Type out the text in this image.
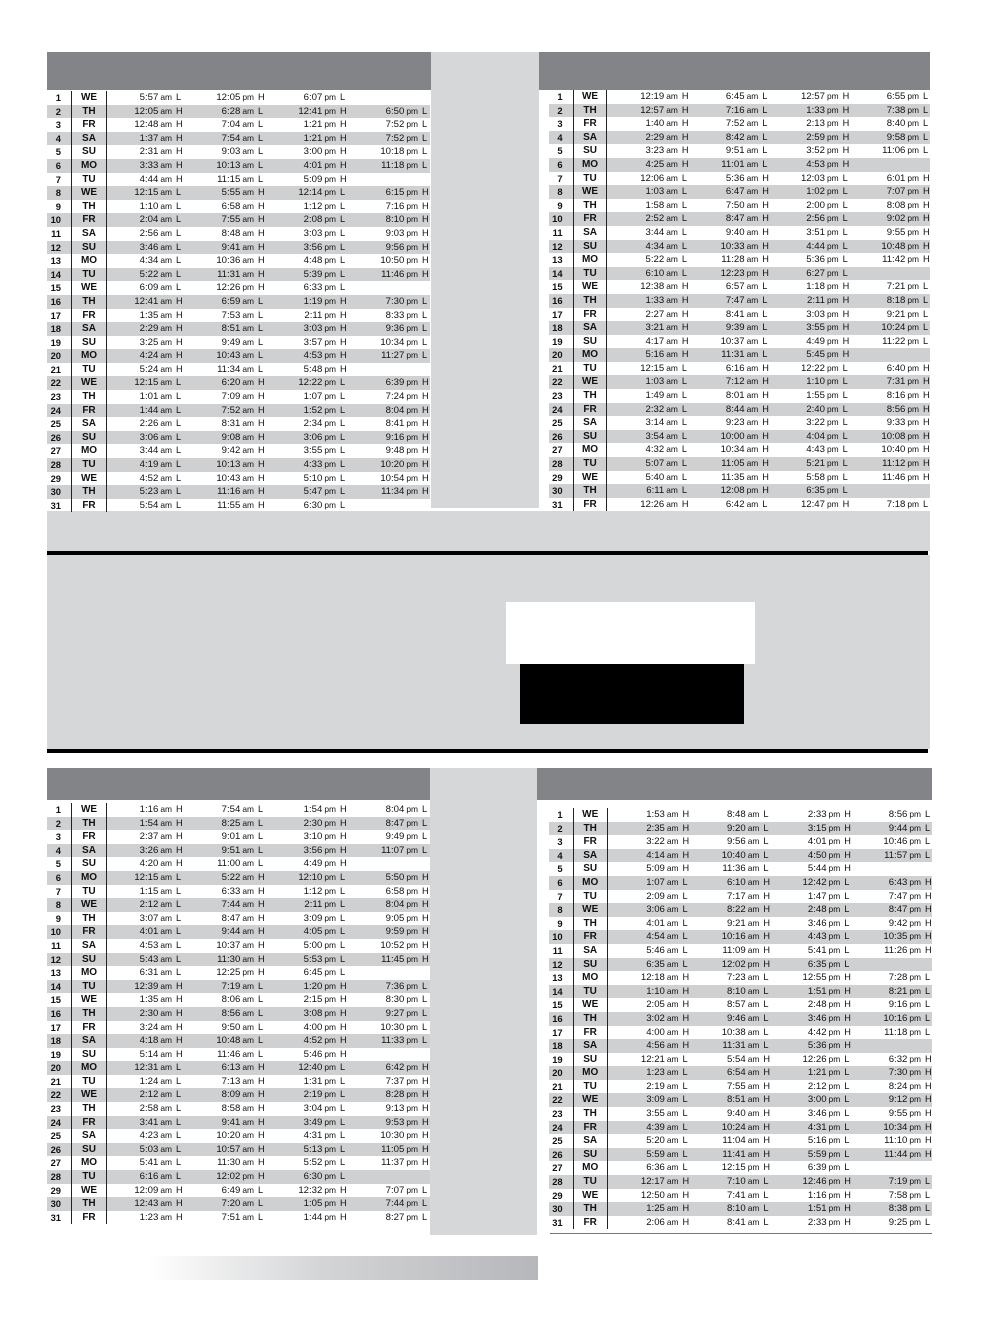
1	WE	5:57 am L	12:05 pm H	6:07 pm L
2	TH	12:05 am H	6:28 am L	12:41 pm H	6:50 pm L
3	FR	12:48 am H	7:04 am L	1:21 pm H	7:52 pm L
4	SA	1:37 am H	7:54 am L	1:21 pm H	7:52 pm L
5	SU	2:31 am H	9:03 am L	3:00 pm H	10:18 pm L
6	MO	3:33 am H	10:13 am L	4:01 pm H	11:18 pm L
7	TU	4:44 am H	11:15 am L	5:09 pm H
8	WE	12:15 am L	5:55 am H	12:14 pm L	6:15 pm H
9	TH	1:10 am L	6:58 am H	1:12 pm L	7:16 pm H
10	FR	2:04 am L	7:55 am H	2:08 pm L	8:10 pm H
11	SA	2:56 am L	8:48 am H	3:03 pm L	9:03 pm H
12	SU	3:46 am L	9:41 am H	3:56 pm L	9:56 pm H
13	MO	4:34 am L	10:36 am H	4:48 pm L	10:50 pm H
14	TU	5:22 am L	11:31 am H	5:39 pm L	11:46 pm H
15	WE	6:09 am L	12:26 pm H	6:33 pm L
16	TH	12:41 am H	6:59 am L	1:19 pm H	7:30 pm L
17	FR	1:35 am H	7:53 am L	2:11 pm H	8:33 pm L
18	SA	2:29 am H	8:51 am L	3:03 pm H	9:36 pm L
19	SU	3:25 am H	9:49 am L	3:57 pm H	10:34 pm L
20	MO	4:24 am H	10:43 am L	4:53 pm H	11:27 pm L
21	TU	5:24 am H	11:34 am L	5:48 pm H
22	WE	12:15 am L	6:20 am H	12:22 pm L	6:39 pm H
23	TH	1:01 am L	7:09 am H	1:07 pm L	7:24 pm H
24	FR	1:44 am L	7:52 am H	1:52 pm L	8:04 pm H
25	SA	2:26 am L	8:31 am H	2:34 pm L	8:41 pm H
26	SU	3:06 am L	9:08 am H	3:06 pm L	9:16 pm H
27	MO	3:44 am L	9:42 am H	3:55 pm L	9:48 pm H
28	TU	4:19 am L	10:13 am H	4:33 pm L	10:20 pm H
29	WE	4:52 am L	10:43 am H	5:10 pm L	10:54 pm H
30	TH	5:23 am L	11:16 am H	5:47 pm L	11:34 pm H
31	FR	5:54 am L	11:55 am H	6:30 pm L
1	WE	12:19 am H	6:45 am L	12:57 pm H	6:55 pm L
2	TH	12:57 am H	7:16 am L	1:33 pm H	7:38 pm L
3	FR	1:40 am H	7:52 am L	2:13 pm H	8:40 pm L
4	SA	2:29 am H	8:42 am L	2:59 pm H	9:58 pm L
5	SU	3:23 am H	9:51 am L	3:52 pm H	11:06 pm L
6	MO	4:25 am H	11:01 am L	4:53 pm H
7	TU	12:06 am L	5:36 am H	12:03 pm L	6:01 pm H
8	WE	1:03 am L	6:47 am H	1:02 pm L	7:07 pm H
9	TH	1:58 am L	7:50 am H	2:00 pm L	8:08 pm H
10	FR	2:52 am L	8:47 am H	2:56 pm L	9:02 pm H
11	SA	3:44 am L	9:40 am H	3:51 pm L	9:55 pm H
12	SU	4:34 am L	10:33 am H	4:44 pm L	10:48 pm H
13	MO	5:22 am L	11:28 am H	5:36 pm L	11:42 pm H
14	TU	6:10 am L	12:23 pm H	6:27 pm L
15	WE	12:38 am H	6:57 am L	1:18 pm H	7:21 pm L
16	TH	1:33 am H	7:47 am L	2:11 pm H	8:18 pm L
17	FR	2:27 am H	8:41 am L	3:03 pm H	9:21 pm L
18	SA	3:21 am H	9:39 am L	3:55 pm H	10:24 pm L
19	SU	4:17 am H	10:37 am L	4:49 pm H	11:22 pm L
20	MO	5:16 am H	11:31 am L	5:45 pm H
21	TU	12:15 am L	6:16 am H	12:22 pm L	6:40 pm H
22	WE	1:03 am L	7:12 am H	1:10 pm L	7:31 pm H
23	TH	1:49 am L	8:01 am H	1:55 pm L	8:16 pm H
24	FR	2:32 am L	8:44 am H	2:40 pm L	8:56 pm H
25	SA	3:14 am L	9:23 am H	3:22 pm L	9:33 pm H
26	SU	3:54 am L	10:00 am H	4:04 pm L	10:08 pm H
27	MO	4:32 am L	10:34 am H	4:43 pm L	10:40 pm H
28	TU	5:07 am L	11:05 am H	5:21 pm L	11:12 pm H
29	WE	5:40 am L	11:35 am H	5:58 pm L	11:46 pm H
30	TH	6:11 am L	12:08 pm H	6:35 pm L
31	FR	12:26 am H	6:42 am L	12:47 pm H	7:18 pm L
1	WE	1:16 am H	7:54 am L	1:54 pm H	8:04 pm L
2	TH	1:54 am H	8:25 am L	2:30 pm H	8:47 pm L
3	FR	2:37 am H	9:01 am L	3:10 pm H	9:49 pm L
4	SA	3:26 am H	9:51 am L	3:56 pm H	11:07 pm L
5	SU	4:20 am H	11:00 am L	4:49 pm H
6	MO	12:15 am L	5:22 am H	12:10 pm L	5:50 pm H
7	TU	1:15 am L	6:33 am H	1:12 pm L	6:58 pm H
8	WE	2:12 am L	7:44 am H	2:11 pm L	8:04 pm H
9	TH	3:07 am L	8:47 am H	3:09 pm L	9:05 pm H
10	FR	4:01 am L	9:44 am H	4:05 pm L	9:59 pm H
11	SA	4:53 am L	10:37 am H	5:00 pm L	10:52 pm H
12	SU	5:43 am L	11:30 am H	5:53 pm L	11:45 pm H
13	MO	6:31 am L	12:25 pm H	6:45 pm L
14	TU	12:39 am H	7:19 am L	1:20 pm H	7:36 pm L
15	WE	1:35 am H	8:06 am L	2:15 pm H	8:30 pm L
16	TH	2:30 am H	8:56 am L	3:08 pm H	9:27 pm L
17	FR	3:24 am H	9:50 am L	4:00 pm H	10:30 pm L
18	SA	4:18 am H	10:48 am L	4:52 pm H	11:33 pm L
19	SU	5:14 am H	11:46 am L	5:46 pm H
20	MO	12:31 am L	6:13 am H	12:40 pm L	6:42 pm H
21	TU	1:24 am L	7:13 am H	1:31 pm L	7:37 pm H
22	WE	2:12 am L	8:09 am H	2:19 pm L	8:28 pm H
23	TH	2:58 am L	8:58 am H	3:04 pm L	9:13 pm H
24	FR	3:41 am L	9:41 am H	3:49 pm L	9:53 pm H
25	SA	4:23 am L	10:20 am H	4:31 pm L	10:30 pm H
26	SU	5:03 am L	10:57 am H	5:13 pm L	11:05 pm H
27	MO	5:41 am L	11:30 am H	5:52 pm L	11:37 pm H
28	TU	6:16 am L	12:02 pm H	6:30 pm L
29	WE	12:09 am H	6:49 am L	12:32 pm H	7:07 pm L
30	TH	12:43 am H	7:20 am L	1:05 pm H	7:44 pm L
31	FR	1:23 am H	7:51 am L	1:44 pm H	8:27 pm L
1	WE	1:53 am H	8:48 am L	2:33 pm H	8:56 pm L
2	TH	2:35 am H	9:20 am L	3:15 pm H	9:44 pm L
3	FR	3:22 am H	9:56 am L	4:01 pm H	10:46 pm L
4	SA	4:14 am H	10:40 am L	4:50 pm H	11:57 pm L
5	SU	5:09 am H	11:36 am L	5:44 pm H
6	MO	1:07 am L	6:10 am H	12:42 pm L	6:43 pm H
7	TU	2:09 am L	7:17 am H	1:47 pm L	7:47 pm H
8	WE	3:06 am L	8:22 am H	2:48 pm L	8:47 pm H
9	TH	4:01 am L	9:21 am H	3:46 pm L	9:42 pm H
10	FR	4:54 am L	10:16 am H	4:43 pm L	10:35 pm H
11	SA	5:46 am L	11:09 am H	5:41 pm L	11:26 pm H
12	SU	6:35 am L	12:02 pm H	6:35 pm L
13	MO	12:18 am H	7:23 am L	12:55 pm H	7:28 pm L
14	TU	1:10 am H	8:10 am L	1:51 pm H	8:21 pm L
15	WE	2:05 am H	8:57 am L	2:48 pm H	9:16 pm L
16	TH	3:02 am H	9:46 am L	3:46 pm H	10:16 pm L
17	FR	4:00 am H	10:38 am L	4:42 pm H	11:18 pm L
18	SA	4:56 am H	11:31 am L	5:36 pm H
19	SU	12:21 am L	5:54 am H	12:26 pm L	6:32 pm H
20	MO	1:23 am L	6:54 am H	1:21 pm L	7:30 pm H
21	TU	2:19 am L	7:55 am H	2:12 pm L	8:24 pm H
22	WE	3:09 am L	8:51 am H	3:00 pm L	9:12 pm H
23	TH	3:55 am L	9:40 am H	3:46 pm L	9:55 pm H
24	FR	4:39 am L	10:24 am H	4:31 pm L	10:34 pm H
25	SA	5:20 am L	11:04 am H	5:16 pm L	11:10 pm H
26	SU	5:59 am L	11:41 am H	5:59 pm L	11:44 pm H
27	MO	6:36 am L	12:15 pm H	6:39 pm L
28	TU	12:17 am H	7:10 am L	12:46 pm H	7:19 pm L
29	WE	12:50 am H	7:41 am L	1:16 pm H	7:58 pm L
30	TH	1:25 am H	8:10 am L	1:51 pm H	8:38 pm L
31	FR	2:06 am H	8:41 am L	2:33 pm H	9:25 pm L
